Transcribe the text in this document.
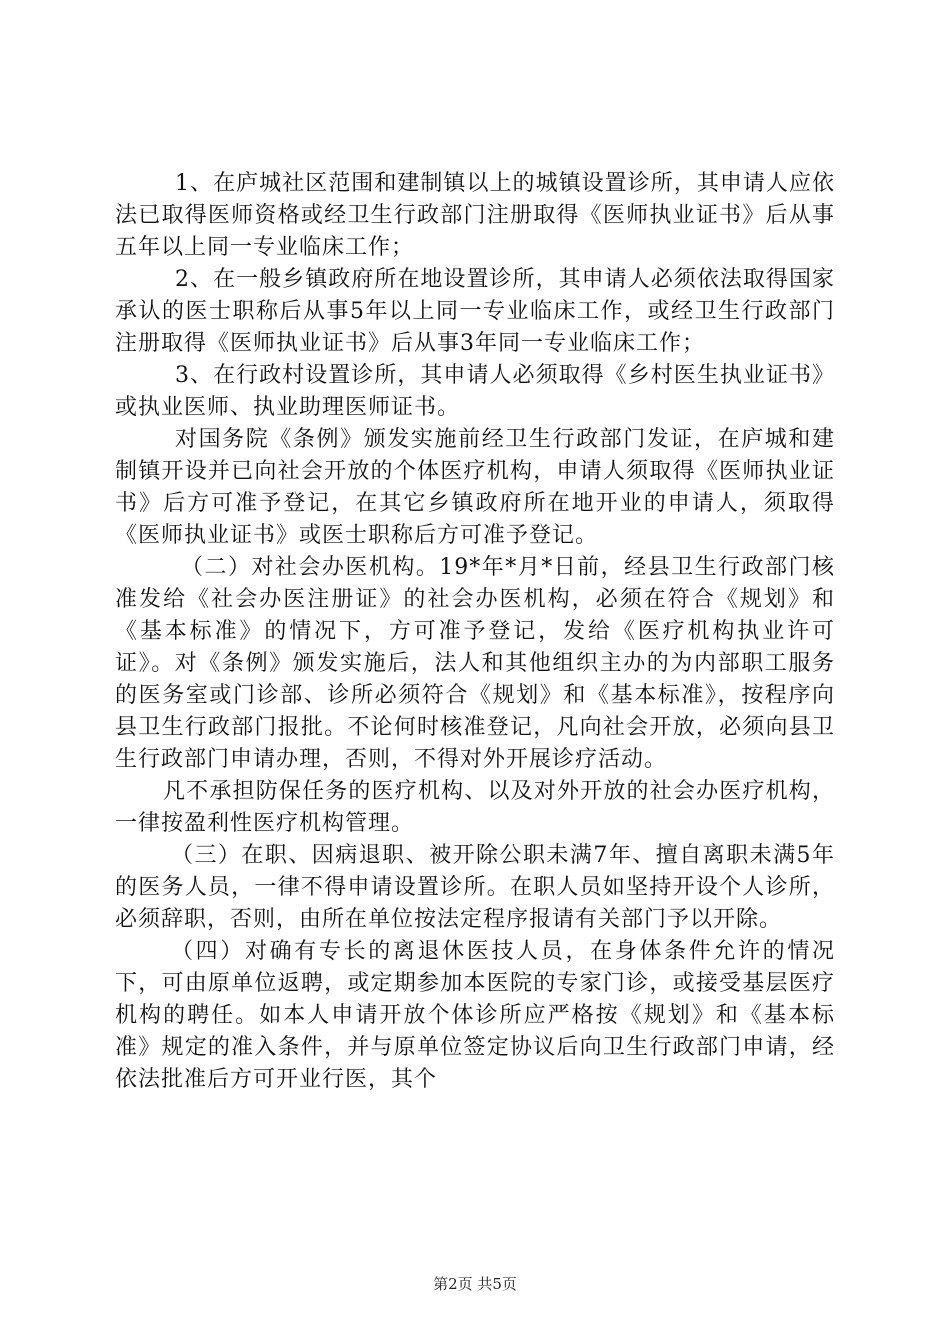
1、在庐城社区范围和建制镇以上的城镇设置诊所，其申请人应依法已取得医师资格或经卫生行政部门注册取得《医师执业证书》后从事五年以上同一专业临床工作；

2、在一般乡镇政府所在地设置诊所，其申请人必须依法取得国家承认的医士职称后从事5年以上同一专业临床工作，或经卫生行政部门注册取得《医师执业证书》后从事3年同一专业临床工作；

3、在行政村设置诊所，其申请人必须取得《乡村医生执业证书》或执业医师、执业助理医师证书。

对国务院《条例》颁发实施前经卫生行政部门发证，在庐城和建制镇开设并已向社会开放的个体医疗机构，申请人须取得《医师执业证书》后方可准予登记，在其它乡镇政府所在地开业的申请人，须取得《医师执业证书》或医士职称后方可准予登记。

（二）对社会办医机构。19*年*月*日前，经县卫生行政部门核准发给《社会办医注册证》的社会办医机构，必须在符合《规划》和《基本标准》的情况下，方可准予登记，发给《医疗机构执业许可证》。对《条例》颁发实施后，法人和其他组织主办的为内部职工服务的医务室或门诊部、诊所必须符合《规划》和《基本标准》，按程序向县卫生行政部门报批。不论何时核准登记，凡向社会开放，必须向县卫生行政部门申请办理，否则，不得对外开展诊疗活动。

凡不承担防保任务的医疗机构、以及对外开放的社会办医疗机构，一律按盈利性医疗机构管理。

（三）在职、因病退职、被开除公职未满7年、擅自离职未满5年的医务人员，一律不得申请设置诊所。在职人员如坚持开设个人诊所，必须辞职，否则，由所在单位按法定程序报请有关部门予以开除。

（四）对确有专长的离退休医技人员，在身体条件允许的情况下，可由原单位返聘，或定期参加本医院的专家门诊，或接受基层医疗机构的聘任。如本人申请开放个体诊所应严格按《规划》和《基本标准》规定的准入条件，并与原单位签定协议后向卫生行政部门申请，经依法批准后方可开业行医，其个

第2页 共5页
